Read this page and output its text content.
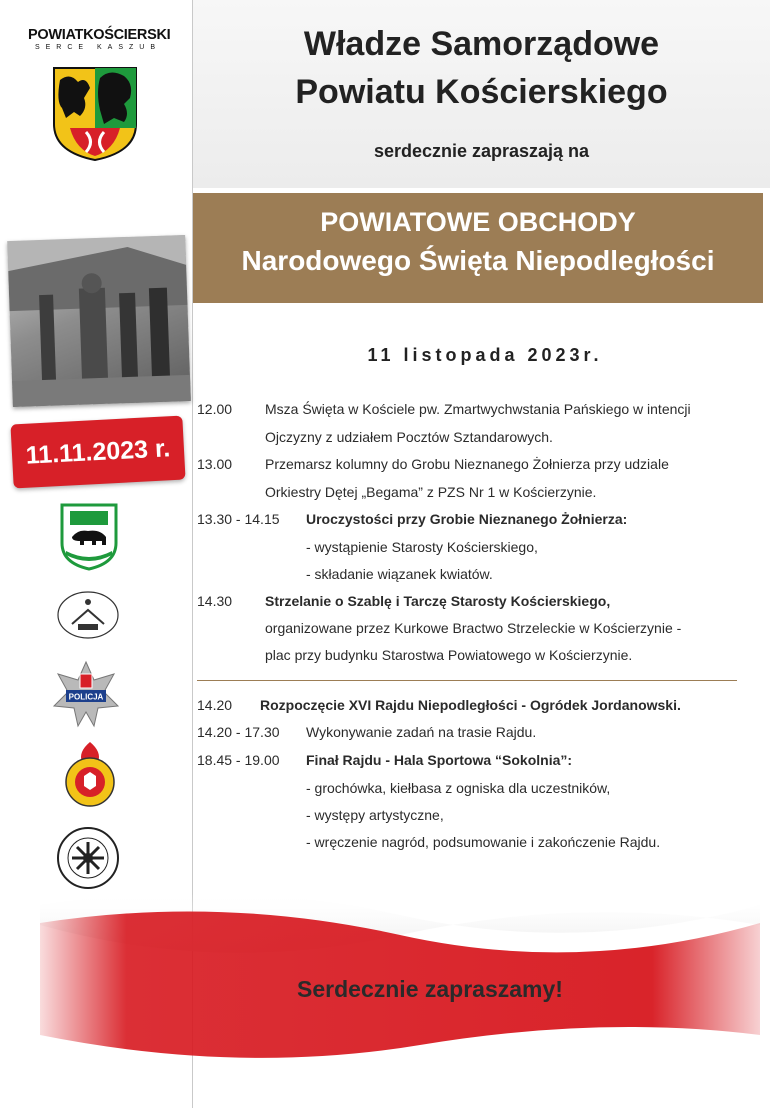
POWIATKOŚCIERSKI
SERCE KASZUB
11.11.2023 r.
POLICJA
Władze Samorządowe
Powiatu Kościerskiego
serdecznie zapraszają na
POWIATOWE OBCHODY
Narodowego Święta Niepodległości
11 listopada 2023r.
12.00 Msza Święta w Kościele pw. Zmartwychwstania Pańskiego w intencji
Ojczyzny z udziałem Pocztów Sztandarowych.
13.00 Przemarsz kolumny do Grobu Nieznanego Żołnierza przy udziale
Orkiestry Dętej „Begama” z PZS Nr 1 w Kościerzynie.
13.30 - 14.15 Uroczystości przy Grobie Nieznanego Żołnierza:
- wystąpienie Starosty Kościerskiego,
- składanie wiązanek kwiatów.
14.30 Strzelanie o Szablę i Tarczę Starosty Kościerskiego,
organizowane przez Kurkowe Bractwo Strzeleckie w Kościerzynie -
plac przy budynku Starostwa Powiatowego w Kościerzynie.
14.20 Rozpoczęcie XVI Rajdu Niepodległości - Ogródek Jordanowski.
14.20 - 17.30 Wykonywanie zadań na trasie Rajdu.
18.45 - 19.00 Finał Rajdu - Hala Sportowa “Sokolnia”:
- grochówka, kiełbasa z ogniska dla uczestników,
- występy artystyczne,
- wręczenie nagród, podsumowanie i zakończenie Rajdu.
Serdecznie zapraszamy!
